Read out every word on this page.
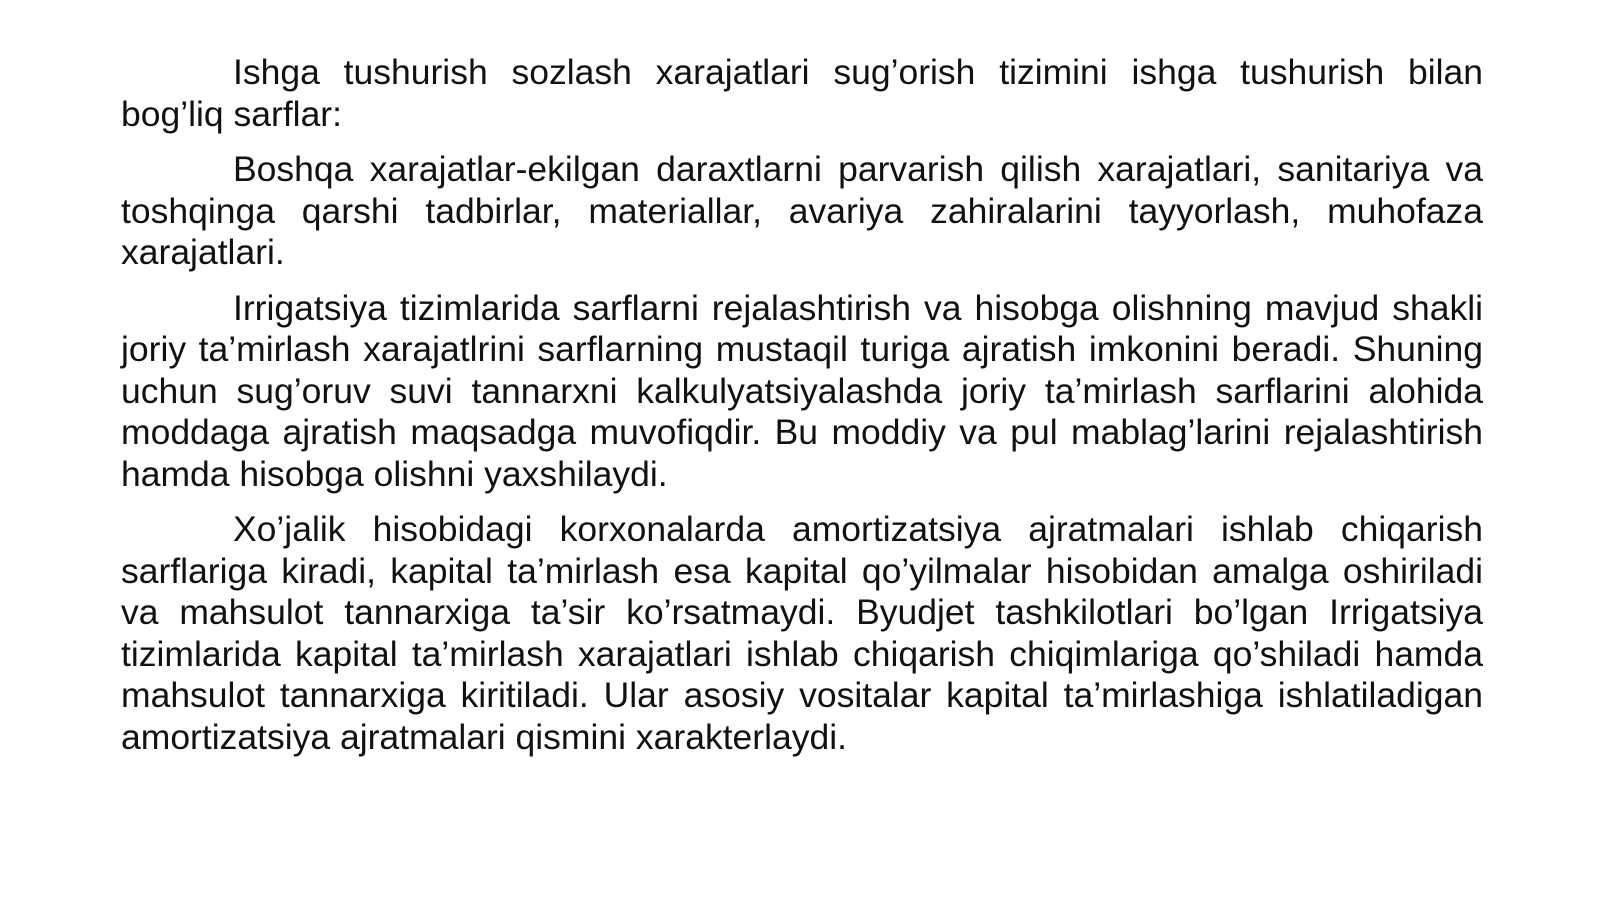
Ishga tushurish sozlash xarajatlari sug’orish tizimini ishga tushurish bilan bog’liq sarflar:

Boshqa xarajatlar-ekilgan daraxtlarni parvarish qilish xarajatlari, sanitariya va toshqinga qarshi tadbirlar, materiallar, avariya zahiralarini tayyorlash, muhofaza xarajatlari.

Irrigatsiya tizimlarida sarflarni rejalashtirish va hisobga olishning mavjud shakli joriy ta’mirlash xarajatlrini sarflarning mustaqil turiga ajratish imkonini beradi. Shuning uchun sug’oruv suvi tannarxni kalkulyatsiyalashda joriy ta’mirlash sarflarini alohida moddaga ajratish maqsadga muvofiqdir. Bu moddiy va pul mablag’larini rejalashtirish hamda hisobga olishni yaxshilaydi.

Xo’jalik hisobidagi korxonalarda amortizatsiya ajratmalari ishlab chiqarish sarflariga kiradi, kapital ta’mirlash esa kapital qo’yilmalar hisobidan amalga oshiriladi va mahsulot tannarxiga ta’sir ko’rsatmaydi. Byudjet tashkilotlari bo’lgan Irrigatsiya tizimlarida kapital ta’mirlash xarajatlari ishlab chiqarish chiqimlariga qo’shiladi hamda mahsulot tannarxiga kiritiladi. Ular asosiy vositalar kapital ta’mirlashiga ishlatiladigan amortizatsiya ajratmalari qismini xarakterlaydi.
